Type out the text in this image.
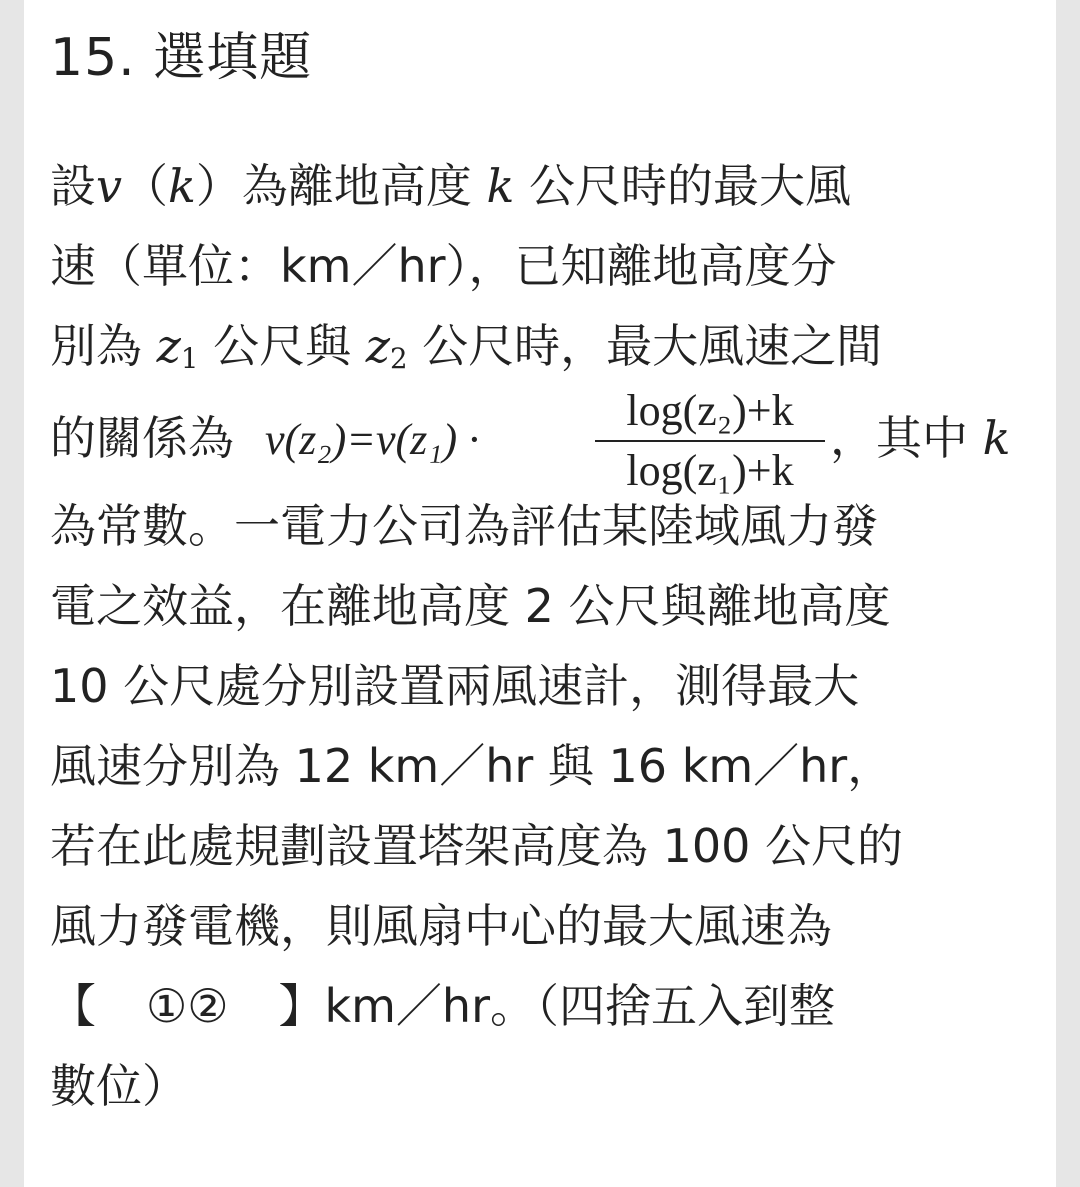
15. 選填題
設v（k）為離地高度 k 公尺時的最大風
速（單位：km／hr），已知離地高度分
別為 $z_1$ 公尺與 $z_2$ 公尺時，最大風速之間
的關係為 v(z₂)=v(z₁) ·
log(z₂)+k
log(z₁)+k
，其中 k
為常數。一電力公司為評估某陸域風力發
電之效益，在離地高度 2 公尺與離地高度
10 公尺處分別設置兩風速計，測得最大
風速分別為 12 km／hr 與 16 km／hr，
若在此處規劃設置塔架高度為 100 公尺的
風力發電機，則風扇中心的最大風速為
【 ①② 】km／hr。（四捨五入到整
數位）
